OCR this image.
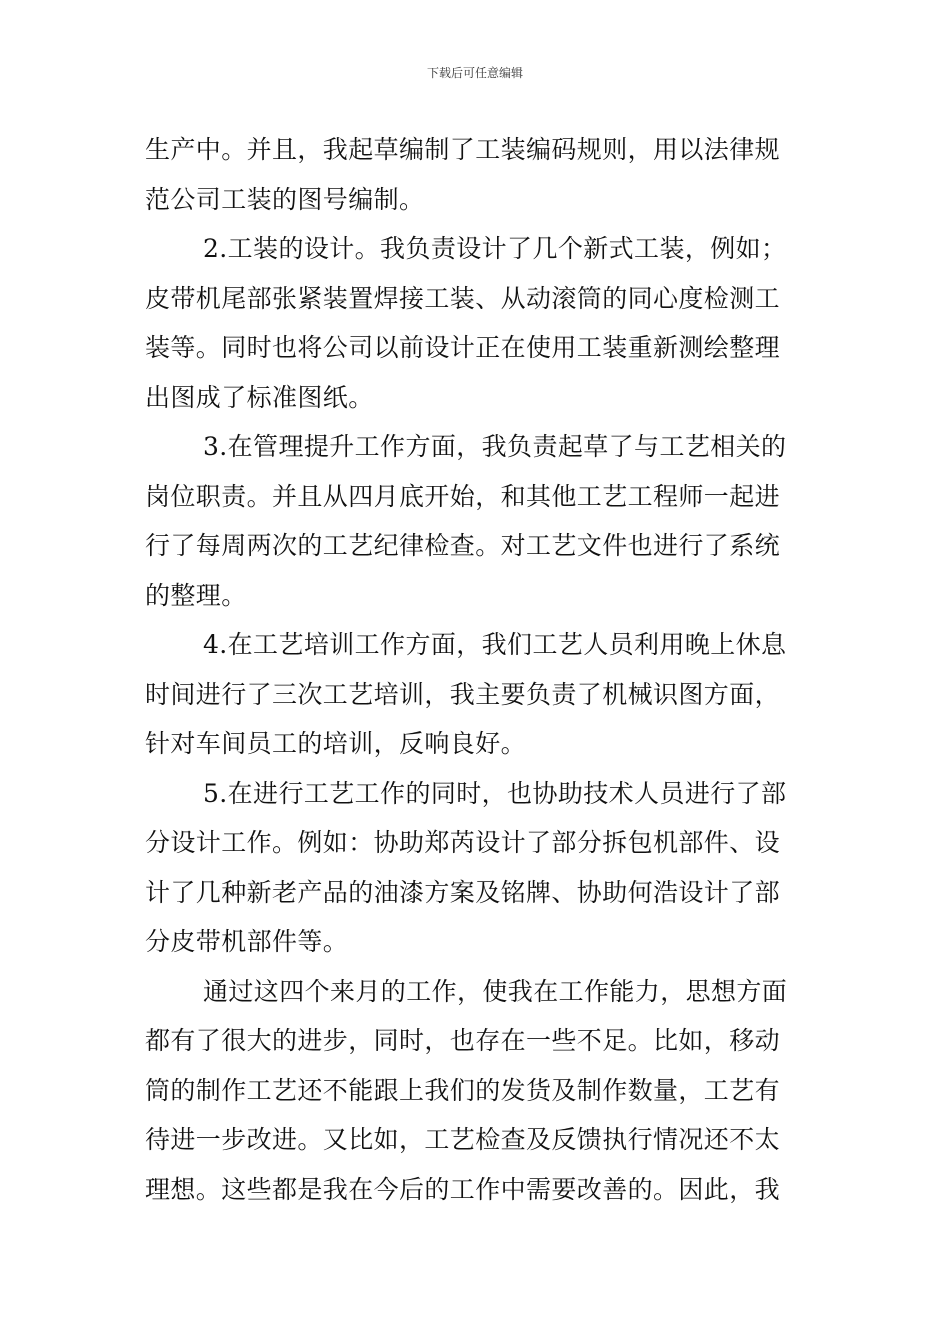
下载后可任意编辑
生产中。并且，我起草编制了工装编码规则，用以法律规
范公司工装的图号编制。
2.工装的设计。我负责设计了几个新式工装，例如；
皮带机尾部张紧装置焊接工装、从动滚筒的同心度检测工
装等。同时也将公司以前设计正在使用工装重新测绘整理
出图成了标准图纸。
3.在管理提升工作方面，我负责起草了与工艺相关的
岗位职责。并且从四月底开始，和其他工艺工程师一起进
行了每周两次的工艺纪律检查。对工艺文件也进行了系统
的整理。
4.在工艺培训工作方面，我们工艺人员利用晚上休息
时间进行了三次工艺培训，我主要负责了机械识图方面，
针对车间员工的培训，反响良好。
5.在进行工艺工作的同时，也协助技术人员进行了部
分设计工作。例如：协助郑芮设计了部分拆包机部件、设
计了几种新老产品的油漆方案及铭牌、协助何浩设计了部
分皮带机部件等。
通过这四个来月的工作，使我在工作能力，思想方面
都有了很大的进步，同时，也存在一些不足。比如，移动
筒的制作工艺还不能跟上我们的发货及制作数量，工艺有
待进一步改进。又比如，工艺检查及反馈执行情况还不太
理想。这些都是我在今后的工作中需要改善的。因此，我
